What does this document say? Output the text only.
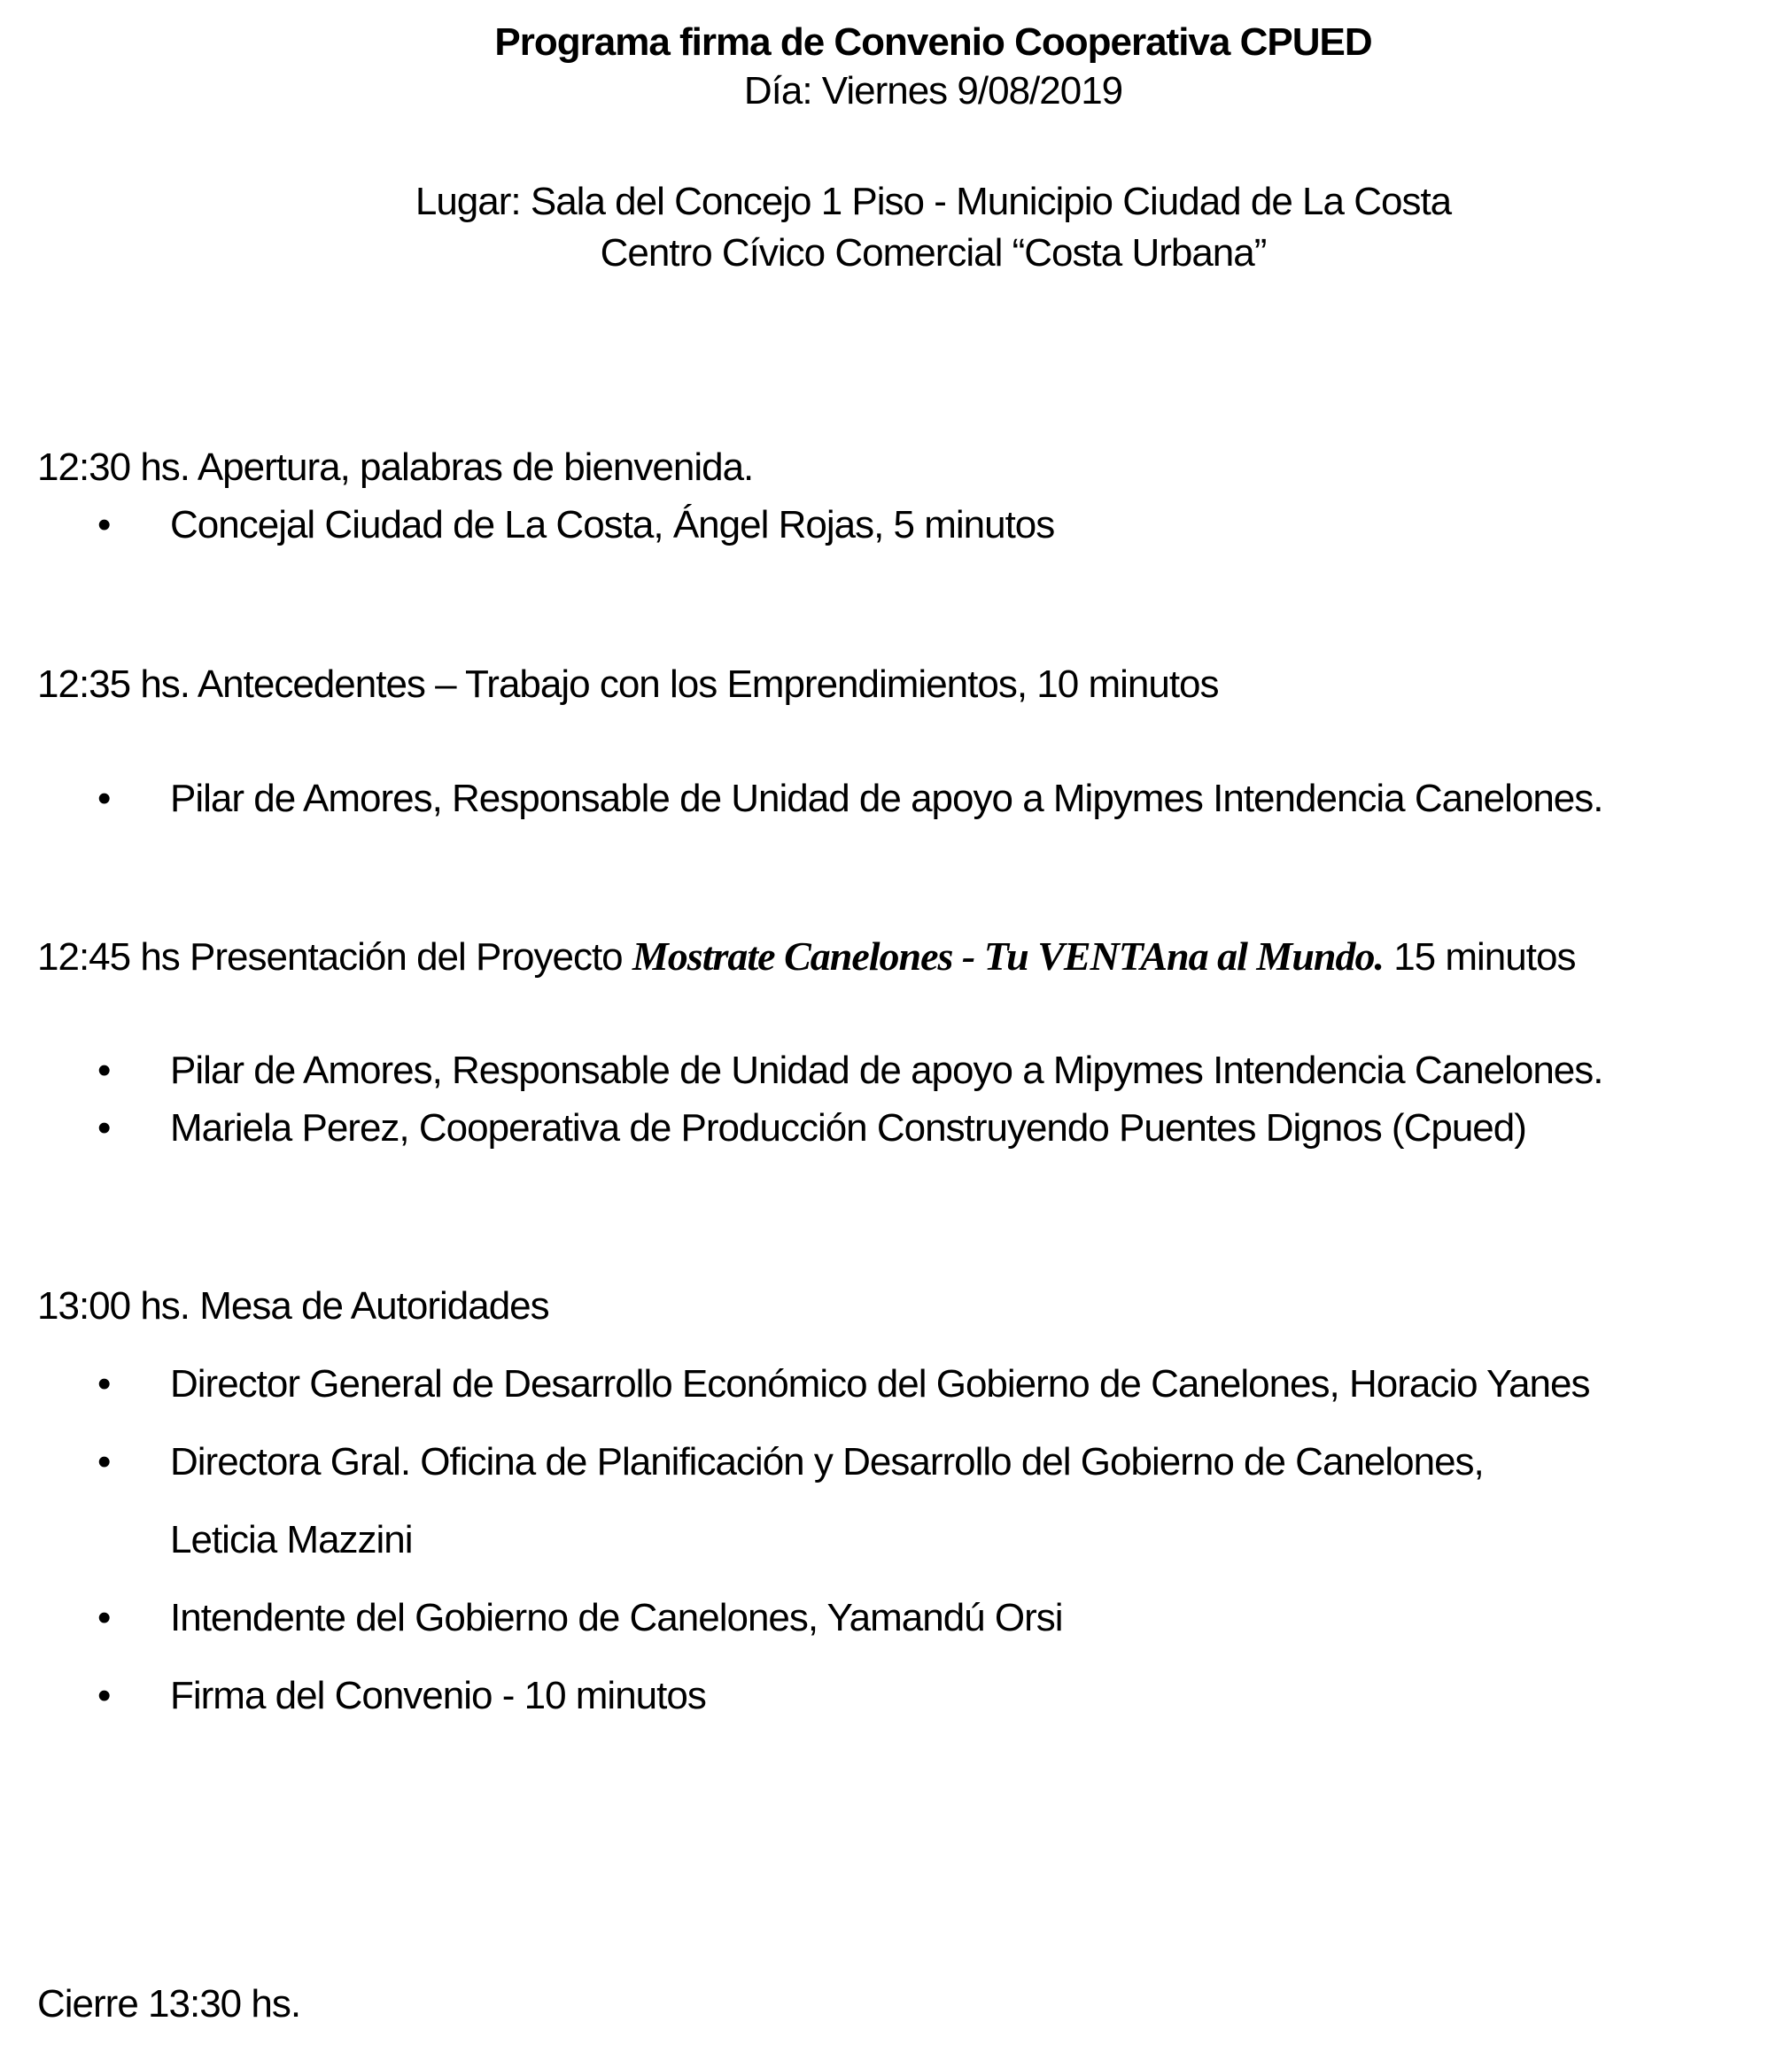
Programa firma de Convenio Cooperativa CPUED
Día: Viernes 9/08/2019
Lugar: Sala del Concejo 1 Piso - Municipio Ciudad de La Costa
Centro Cívico Comercial “Costa Urbana”
12:30 hs. Apertura, palabras de bienvenida.
• Concejal Ciudad de La Costa, Ángel Rojas, 5 minutos
12:35 hs. Antecedentes – Trabajo con los Emprendimientos, 10 minutos
• Pilar de Amores, Responsable de Unidad de apoyo a Mipymes Intendencia Canelones.
12:45 hs Presentación del Proyecto Mostrate Canelones - Tu VENTAna al Mundo. 15 minutos
• Pilar de Amores, Responsable de Unidad de apoyo a Mipymes Intendencia Canelones.
• Mariela Perez, Cooperativa de Producción Construyendo Puentes Dignos (Cpued)
13:00 hs. Mesa de Autoridades
• Director General de Desarrollo Económico del Gobierno de Canelones, Horacio Yanes
• Directora Gral. Oficina de Planificación y Desarrollo del Gobierno de Canelones,
Leticia Mazzini
• Intendente del Gobierno de Canelones, Yamandú Orsi
• Firma del Convenio - 10 minutos
Cierre 13:30 hs.
